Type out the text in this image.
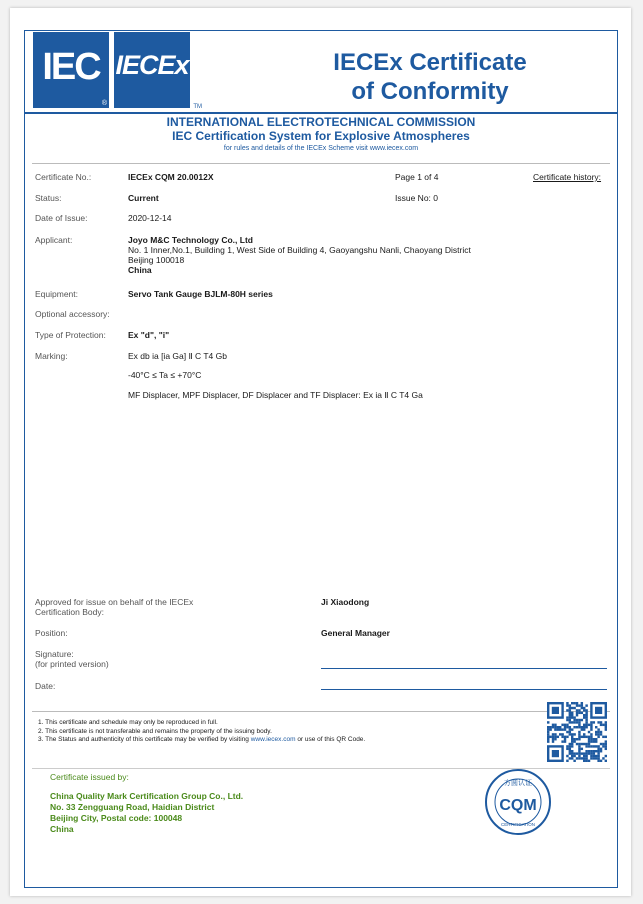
IEC
®
IECEx
TM
IECEx Certificate
of Conformity
INTERNATIONAL ELECTROTECHNICAL COMMISSION
IEC Certification System for Explosive Atmospheres
for rules and details of the IECEx Scheme visit www.iecex.com
Certificate No.:	IECEx CQM 20.0012X	Page 1 of 4	Certificate history:
Status:	Current	Issue No: 0
Date of Issue:	2020-12-14
Applicant:	Joyo M&C Technology Co., Ltd
No. 1 Inner,No.1, Building 1, West Side of Building 4, Gaoyangshu Nanli, Chaoyang District
Beijing 100018
China
Equipment:	Servo Tank Gauge BJLM-80H series
Optional accessory:
Type of Protection:	Ex "d", "i"
Marking:	Ex db ia [ia Ga] Ⅱ C T4 Gb
-40°C ≤ Ta ≤ +70°C
MF Displacer, MPF Displacer, DF Displacer and TF Displacer: Ex ia Ⅱ C T4 Ga
Approved for issue on behalf of the IECEx
Certification Body:
Ji Xiaodong
Position:	General Manager
Signature:
(for printed version)
Date:
1. This certificate and schedule may only be reproduced in full.
2. This certificate is not transferable and remains the property of the issuing body.
3. The Status and authenticity of this certificate may be verified by visiting www.iecex.com or use of this QR Code.
Certificate issued by:
China Quality Mark Certification Group Co., Ltd.
No. 33 Zengguang Road, Haidian District
Beijing City, Postal code: 100048
China
方圆认证
CQM
CERTIFICATION
